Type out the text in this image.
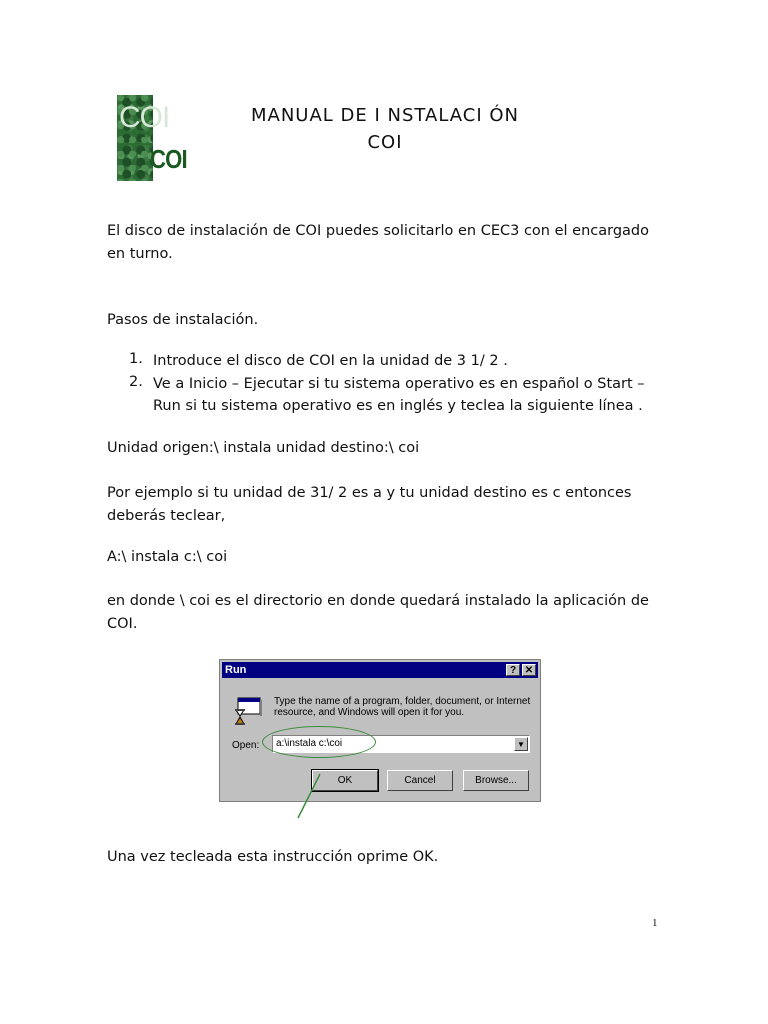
COI
COI
MANUAL DE I NSTALACI ÓN
COI
El disco de instalación de COI puedes solicitarlo en CEC3 con el encargado en turno.
Pasos de instalación.
1. Introduce el disco de COI en la unidad de 3 1/ 2 .
2. Ve a Inicio – Ejecutar si tu sistema operativo es en español o Start – Run si tu sistema operativo es en inglés y teclea la siguiente línea .
Unidad origen:\ instala unidad destino:\ coi
Por ejemplo si tu unidad de 31/ 2 es a y tu unidad destino es c entonces deberás teclear,
A:\ instala c:\ coi
en donde \ coi es el directorio en donde quedará instalado la aplicación de COI.
Run	? ✕
Type the name of a program, folder, document, or Internet resource, and Windows will open it for you.
Open:	a:\instala c:\coi	▼
OK	Cancel	Browse...
Una vez tecleada esta instrucción oprime OK.
1
